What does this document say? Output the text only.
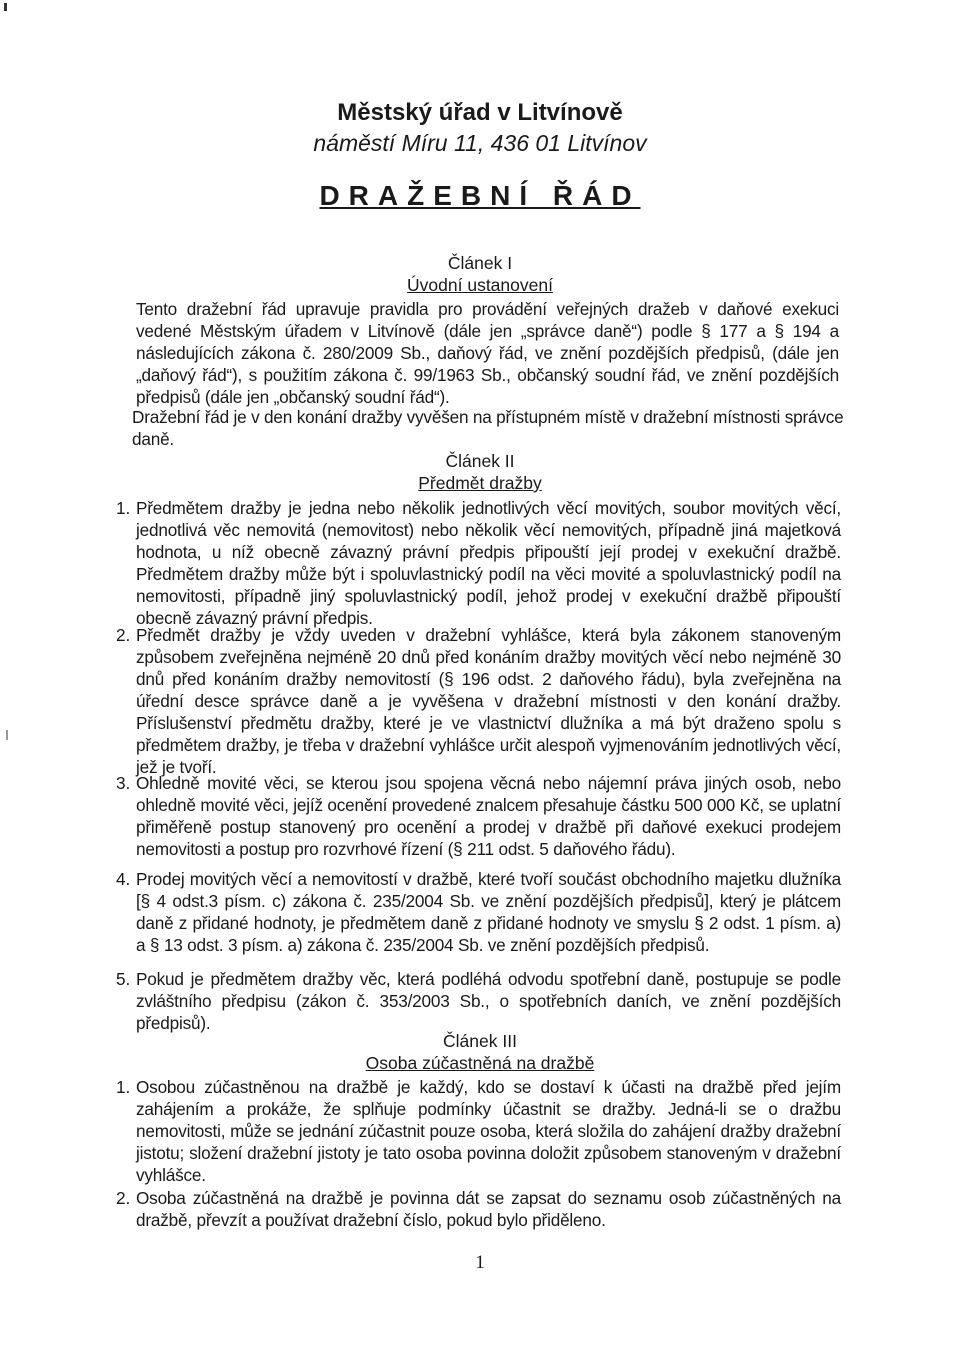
Městský úřad v Litvínově
náměstí Míru 11, 436 01 Litvínov
DRAŽEBNÍ ŘÁD
Článek I
Úvodní ustanovení
Tento dražební řád upravuje pravidla pro provádění veřejných dražeb v daňové exekuci vedené Městským úřadem v Litvínově (dále jen „správce daně“) podle § 177 a § 194 a následujících zákona č. 280/2009 Sb., daňový řád, ve znění pozdějších předpisů, (dále jen „daňový řád“), s použitím zákona č. 99/1963 Sb., občanský soudní řád, ve znění pozdějších předpisů (dále jen „občanský soudní řád“).
Dražební řád je v den konání dražby vyvěšen na přístupném místě v dražební místnosti správce daně.
Článek II
Předmět dražby
1. Předmětem dražby je jedna nebo několik jednotlivých věcí movitých, soubor movitých věcí, jednotlivá věc nemovitá (nemovitost) nebo několik věcí nemovitých, případně jiná majetková hodnota, u níž obecně závazný právní předpis připouští její prodej v exekuční dražbě. Předmětem dražby může být i spoluvlastnický podíl na věci movité a spoluvlastnický podíl na nemovitosti, případně jiný spoluvlastnický podíl, jehož prodej v exekuční dražbě připouští obecně závazný právní předpis.
2. Předmět dražby je vždy uveden v dražební vyhlášce, která byla zákonem stanoveným způsobem zveřejněna nejméně 20 dnů před konáním dražby movitých věcí nebo nejméně 30 dnů před konáním dražby nemovitostí (§ 196 odst. 2 daňového řádu), byla zveřejněna na úřední desce správce daně a je vyvěšena v dražební místnosti v den konání dražby. Příslušenství předmětu dražby, které je ve vlastnictví dlužníka a má být draženo spolu s předmětem dražby, je třeba v dražební vyhlášce určit alespoň vyjmenováním jednotlivých věcí, jež je tvoří.
3. Ohledně movité věci, se kterou jsou spojena věcná nebo nájemní práva jiných osob, nebo ohledně movité věci, jejíž ocenění provedené znalcem přesahuje částku 500 000 Kč, se uplatní přiměřeně postup stanovený pro ocenění a prodej v dražbě při daňové exekuci prodejem nemovitosti a postup pro rozvrhové řízení (§ 211 odst. 5 daňového řádu).
4. Prodej movitých věcí a nemovitostí v dražbě, které tvoří součást obchodního majetku dlužníka [§ 4 odst.3 písm. c) zákona č. 235/2004 Sb. ve znění pozdějších předpisů], který je plátcem daně z přidané hodnoty, je předmětem daně z přidané hodnoty ve smyslu § 2 odst. 1 písm. a) a § 13 odst. 3 písm. a) zákona č. 235/2004 Sb. ve znění pozdějších předpisů.
5. Pokud je předmětem dražby věc, která podléhá odvodu spotřební daně, postupuje se podle zvláštního předpisu (zákon č. 353/2003 Sb., o spotřebních daních, ve znění pozdějších předpisů).
Článek III
Osoba zúčastněná na dražbě
1. Osobou zúčastněnou na dražbě je každý, kdo se dostaví k účasti na dražbě před jejím zahájením a prokáže, že splňuje podmínky účastnit se dražby. Jedná-li se o dražbu nemovitosti, může se jednání zúčastnit pouze osoba, která složila do zahájení dražby dražební jistotu; složení dražební jistoty je tato osoba povinna doložit způsobem stanoveným v dražební vyhlášce.
2. Osoba zúčastněná na dražbě je povinna dát se zapsat do seznamu osob zúčastněných na dražbě, převzít a používat dražební číslo, pokud bylo přiděleno.
1
